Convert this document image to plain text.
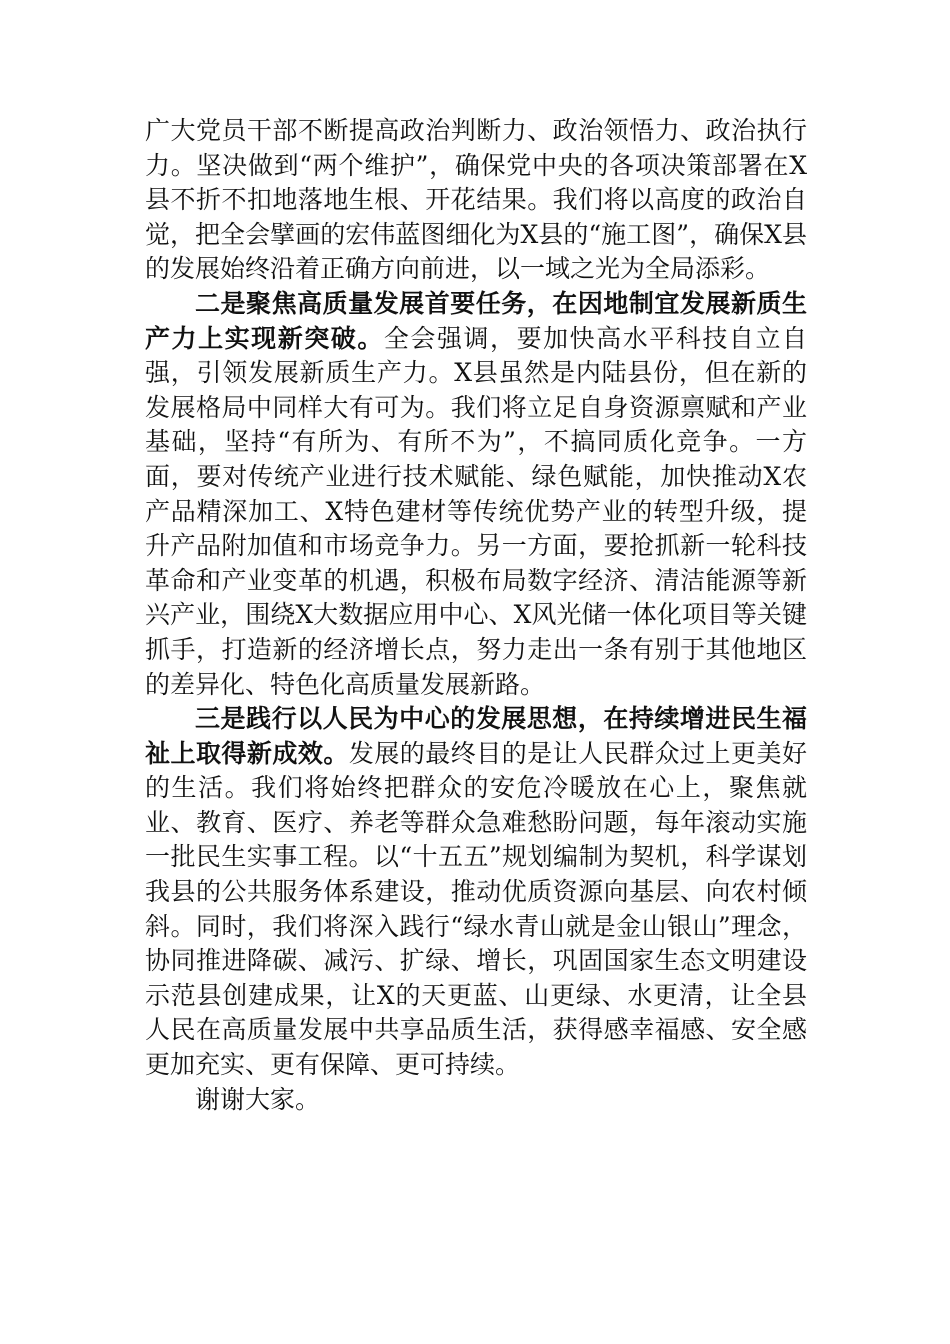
广大党员干部不断提高政治判断力、政治领悟力、政治执行力。坚决做到“两个维护”，确保党中央的各项决策部署在X县不折不扣地落地生根、开花结果。我们将以高度的政治自觉，把全会擘画的宏伟蓝图细化为X县的“施工图”，确保X县的发展始终沿着正确方向前进，以一域之光为全局添彩。

二是聚焦高质量发展首要任务，在因地制宜发展新质生产力上实现新突破。全会强调，要加快高水平科技自立自强，引领发展新质生产力。X县虽然是内陆县份，但在新的发展格局中同样大有可为。我们将立足自身资源禀赋和产业基础，坚持“有所为、有所不为”，不搞同质化竞争。一方面，要对传统产业进行技术赋能、绿色赋能，加快推动X农产品精深加工、X特色建材等传统优势产业的转型升级，提升产品附加值和市场竞争力。另一方面，要抢抓新一轮科技革命和产业变革的机遇，积极布局数字经济、清洁能源等新兴产业，围绕X大数据应用中心、X风光储一体化项目等关键抓手，打造新的经济增长点，努力走出一条有别于其他地区的差异化、特色化高质量发展新路。

三是践行以人民为中心的发展思想，在持续增进民生福祉上取得新成效。发展的最终目的是让人民群众过上更美好的生活。我们将始终把群众的安危冷暖放在心上，聚焦就业、教育、医疗、养老等群众急难愁盼问题，每年滚动实施一批民生实事工程。以“十五五”规划编制为契机，科学谋划我县的公共服务体系建设，推动优质资源向基层、向农村倾斜。同时，我们将深入践行“绿水青山就是金山银山”理念，协同推进降碳、减污、扩绿、增长，巩固国家生态文明建设示范县创建成果，让X的天更蓝、山更绿、水更清，让全县人民在高质量发展中共享品质生活，获得感幸福感、安全感更加充实、更有保障、更可持续。

谢谢大家。
